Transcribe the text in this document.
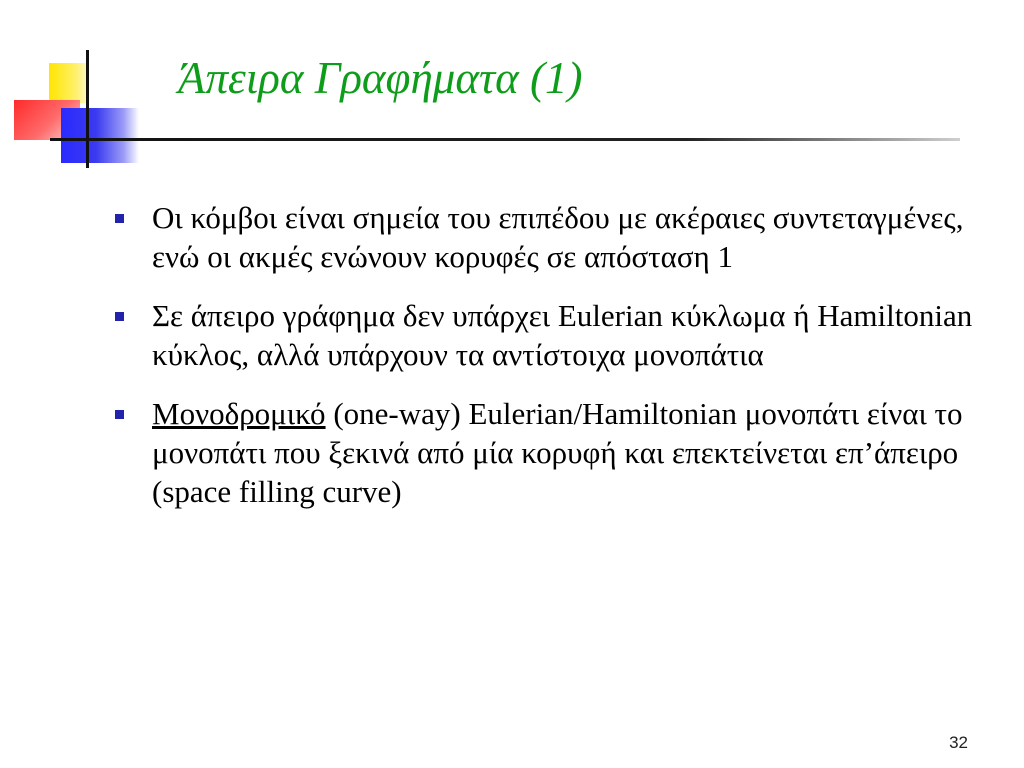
Άπειρα Γραφήματα (1)
Οι κόμβοι είναι σημεία του επιπέδου με ακέραιες συντεταγμένες, ενώ οι ακμές ενώνουν κορυφές σε απόσταση 1
Σε άπειρο γράφημα δεν υπάρχει Eulerian κύκλωμα ή Hamiltonian κύκλος, αλλά υπάρχουν τα αντίστοιχα μονοπάτια
Μονοδρομικό (one-way) Eulerian/Hamiltonian μονοπάτι είναι το μονοπάτι που ξεκινά από μία κορυφή και επεκτείνεται επ’άπειρο (space filling curve)
32
